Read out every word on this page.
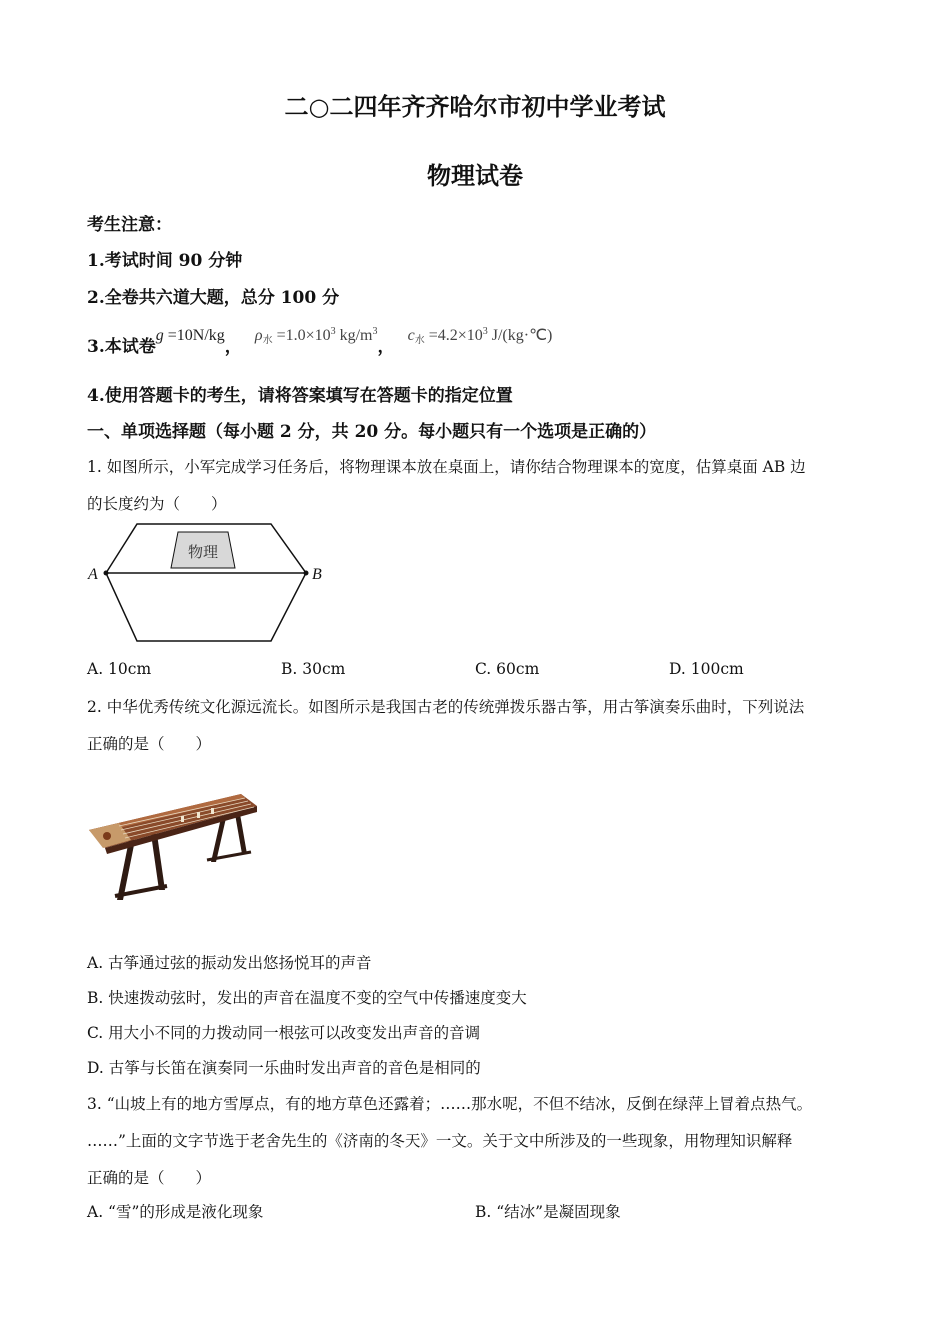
二○二四年齐齐哈尔市初中学业考试
物理试卷
考生注意：
1.考试时间 90 分钟
2.全卷共六道大题，总分 100 分
3.本试卷g =10N/kg， $\rho_水 =1.0\times 10^3$ $kg/m^3$， $c_水 =4.2\times 10^3$ J/(kg·℃)
4.使用答题卡的考生，请将答案填写在答题卡的指定位置
一、单项选择题（每小题 2 分，共 20 分。每小题只有一个选项是正确的）
1. 如图所示，小军完成学习任务后，将物理课本放在桌面上，请你结合物理课本的宽度，估算桌面 AB 边
的长度约为（　　）
物理
A	B
A. 10cm	B. 30cm	C. 60cm	D. 100cm
2. 中华优秀传统文化源远流长。如图所示是我国古老的传统弹拨乐器古筝，用古筝演奏乐曲时，下列说法
正确的是（　　）
A. 古筝通过弦的振动发出悠扬悦耳的声音
B. 快速拨动弦时，发出的声音在温度不变的空气中传播速度变大
C. 用大小不同的力拨动同一根弦可以改变发出声音的音调
D. 古筝与长笛在演奏同一乐曲时发出声音的音色是相同的
3. “山坡上有的地方雪厚点，有的地方草色还露着；……那水呢，不但不结冰，反倒在绿萍上冒着点热气。
……”上面的文字节选于老舍先生的《济南的冬天》一文。关于文中所涉及的一些现象，用物理知识解释
正确的是（　　）
A. “雪”的形成是液化现象	B. “结冰”是凝固现象
